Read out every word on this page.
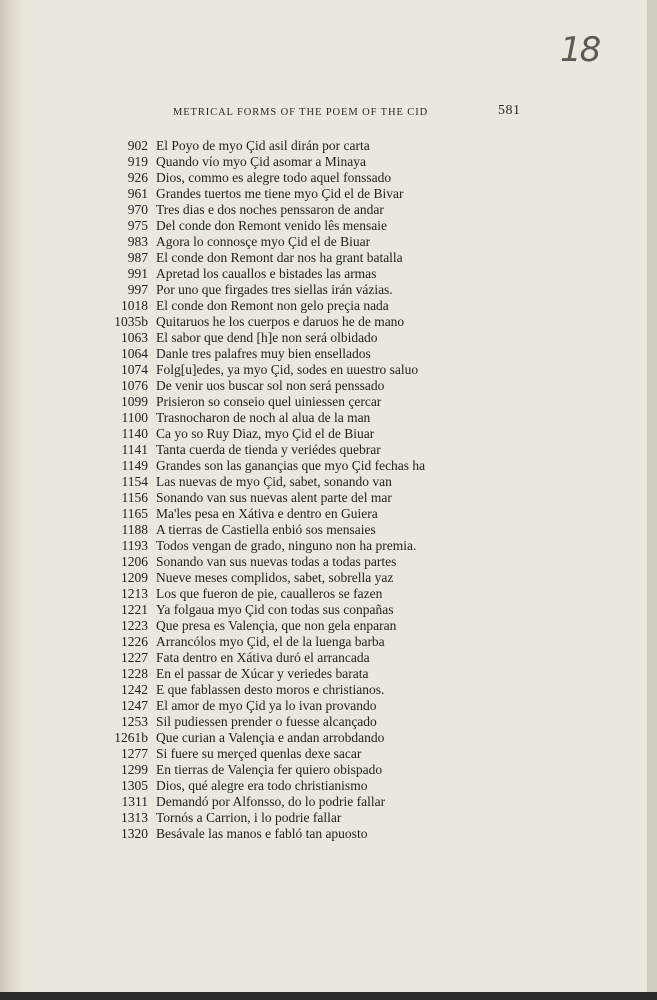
18
METRICAL FORMS OF THE POEM OF THE CID	581
902 El Poyo de myo Çid asil dirán por carta
919 Quando vío myo Çid asomar a Minaya
926 Dios, commo es alegre todo aquel fonssado
961 Grandes tuertos me tiene myo Çid el de Bivar
970 Tres dias e dos noches penssaron de andar
975 Del conde don Remont venido lês mensaie
983 Agora lo connosçe myo Çid el de Biuar
987 El conde don Remont dar nos ha grant batalla
991 Apretad los cauallos e bistades las armas
997 Por uno que firgades tres siellas irán vázias.
1018 El conde don Remont non gelo preçia nada
1035b Quitaruos he los cuerpos e daruos he de mano
1063 El sabor que dend [h]e non será olbidado
1064 Danle tres palafres muy bien ensellados
1074 Folg[u]edes, ya myo Çid, sodes en uuestro saluo
1076 De venir uos buscar sol non será penssado
1099 Prisieron so conseio quel uiniessen çercar
1100 Trasnocharon de noch al alua de la man
1140 Ca yo so Ruy Diaz, myo Çid el de Biuar
1141 Tanta cuerda de tienda y veriédes quebrar
1149 Grandes son las ganançias que myo Çid fechas ha
1154 Las nuevas de myo Çid, sabet, sonando van
1156 Sonando van sus nuevas alent parte del mar
1165 Ma'les pesa en Xátiva e dentro en Guiera
1188 A tierras de Castiella enbió sos mensaies
1193 Todos vengan de grado, ninguno non ha premia.
1206 Sonando van sus nuevas todas a todas partes
1209 Nueve meses complidos, sabet, sobrella yaz
1213 Los que fueron de pie, caualleros se fazen
1221 Ya folgaua myo Çid con todas sus conpañas
1223 Que presa es Valençia, que non gela enparan
1226 Arrancólos myo Çid, el de la luenga barba
1227 Fata dentro en Xátiva duró el arrancada
1228 En el passar de Xúcar y veriedes barata
1242 E que fablassen desto moros e christianos.
1247 El amor de myo Çid ya lo ivan provando
1253 Sil pudiessen prender o fuesse alcançado
1261b Que curian a Valençia e andan arrobdando
1277 Si fuere su merçed quenlas dexe sacar
1299 En tierras de Valençia fer quiero obispado
1305 Dios, qué alegre era todo christianismo
1311 Demandó por Alfonsso, do lo podrie fallar
1313 Tornós a Carrion, i lo podrie fallar
1320 Besávale las manos e fabló tan apuosto
